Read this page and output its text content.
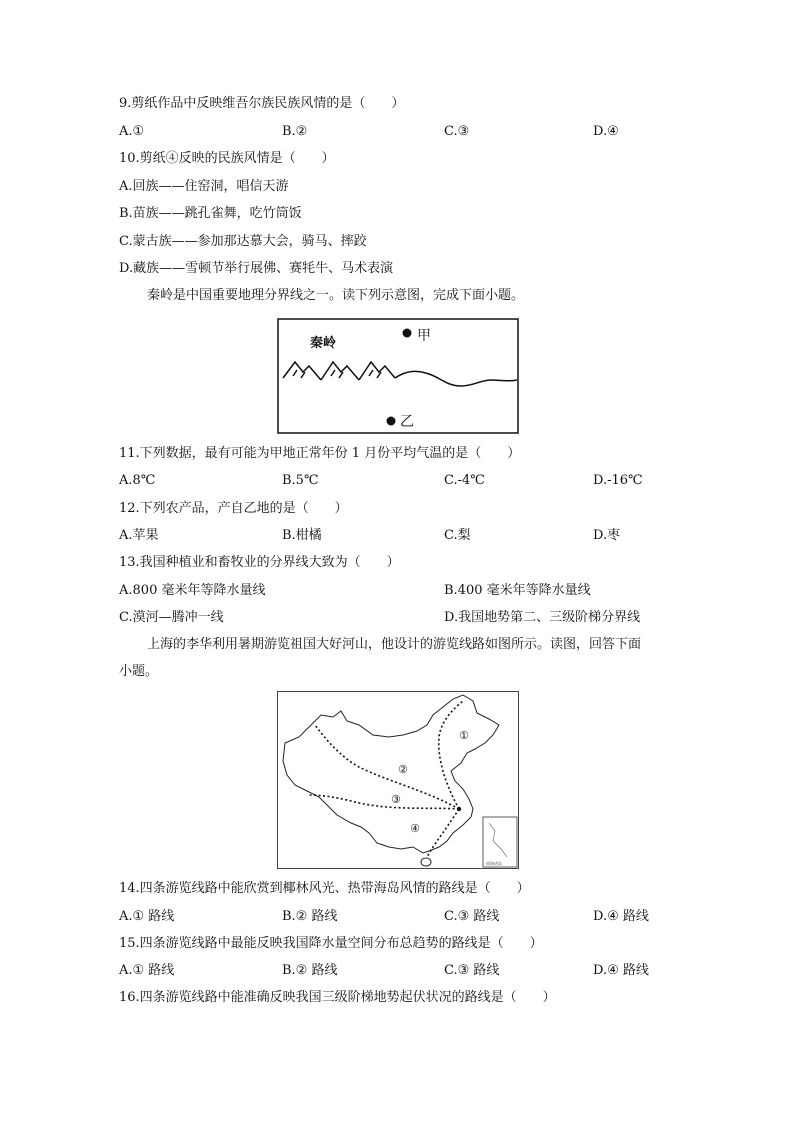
9.剪纸作品中反映维吾尔族民族风情的是（　　）
A.①	B.②	C.③	D.④
10.剪纸④反映的民族风情是（　　）
A.回族——住窑洞，唱信天游
B.苗族——跳孔雀舞，吃竹筒饭
C.蒙古族——参加那达慕大会，骑马、摔跤
D.藏族——雪顿节举行展佛、赛牦牛、马术表演
秦岭是中国重要地理分界线之一。读下列示意图，完成下面小题。
秦岭	甲
乙
11.下列数据，最有可能为甲地正常年份 1 月份平均气温的是（　　）
A.8℃	B.5℃	C.-4℃	D.-16℃
12.下列农产品，产自乙地的是（　　）
A.苹果	B.柑橘	C.梨	D.枣
13.我国种植业和畜牧业的分界线大致为（　　）
A.800 毫米年等降水量线	B.400 毫米年等降水量线
C.漠河—腾冲一线	D.我国地势第二、三级阶梯分界线
上海的李华利用暑期游览祖国大好河山，他设计的游览线路如图所示。读图，回答下面
小题。
南海诸岛
①
②
③
④
14.四条游览线路中能欣赏到椰林风光、热带海岛风情的路线是（　　）
A.① 路线	B.② 路线	C.③ 路线	D.④ 路线
15.四条游览线路中最能反映我国降水量空间分布总趋势的路线是（　　）
A.① 路线	B.② 路线	C.③ 路线	D.④ 路线
16.四条游览线路中能准确反映我国三级阶梯地势起伏状况的路线是（　　）
